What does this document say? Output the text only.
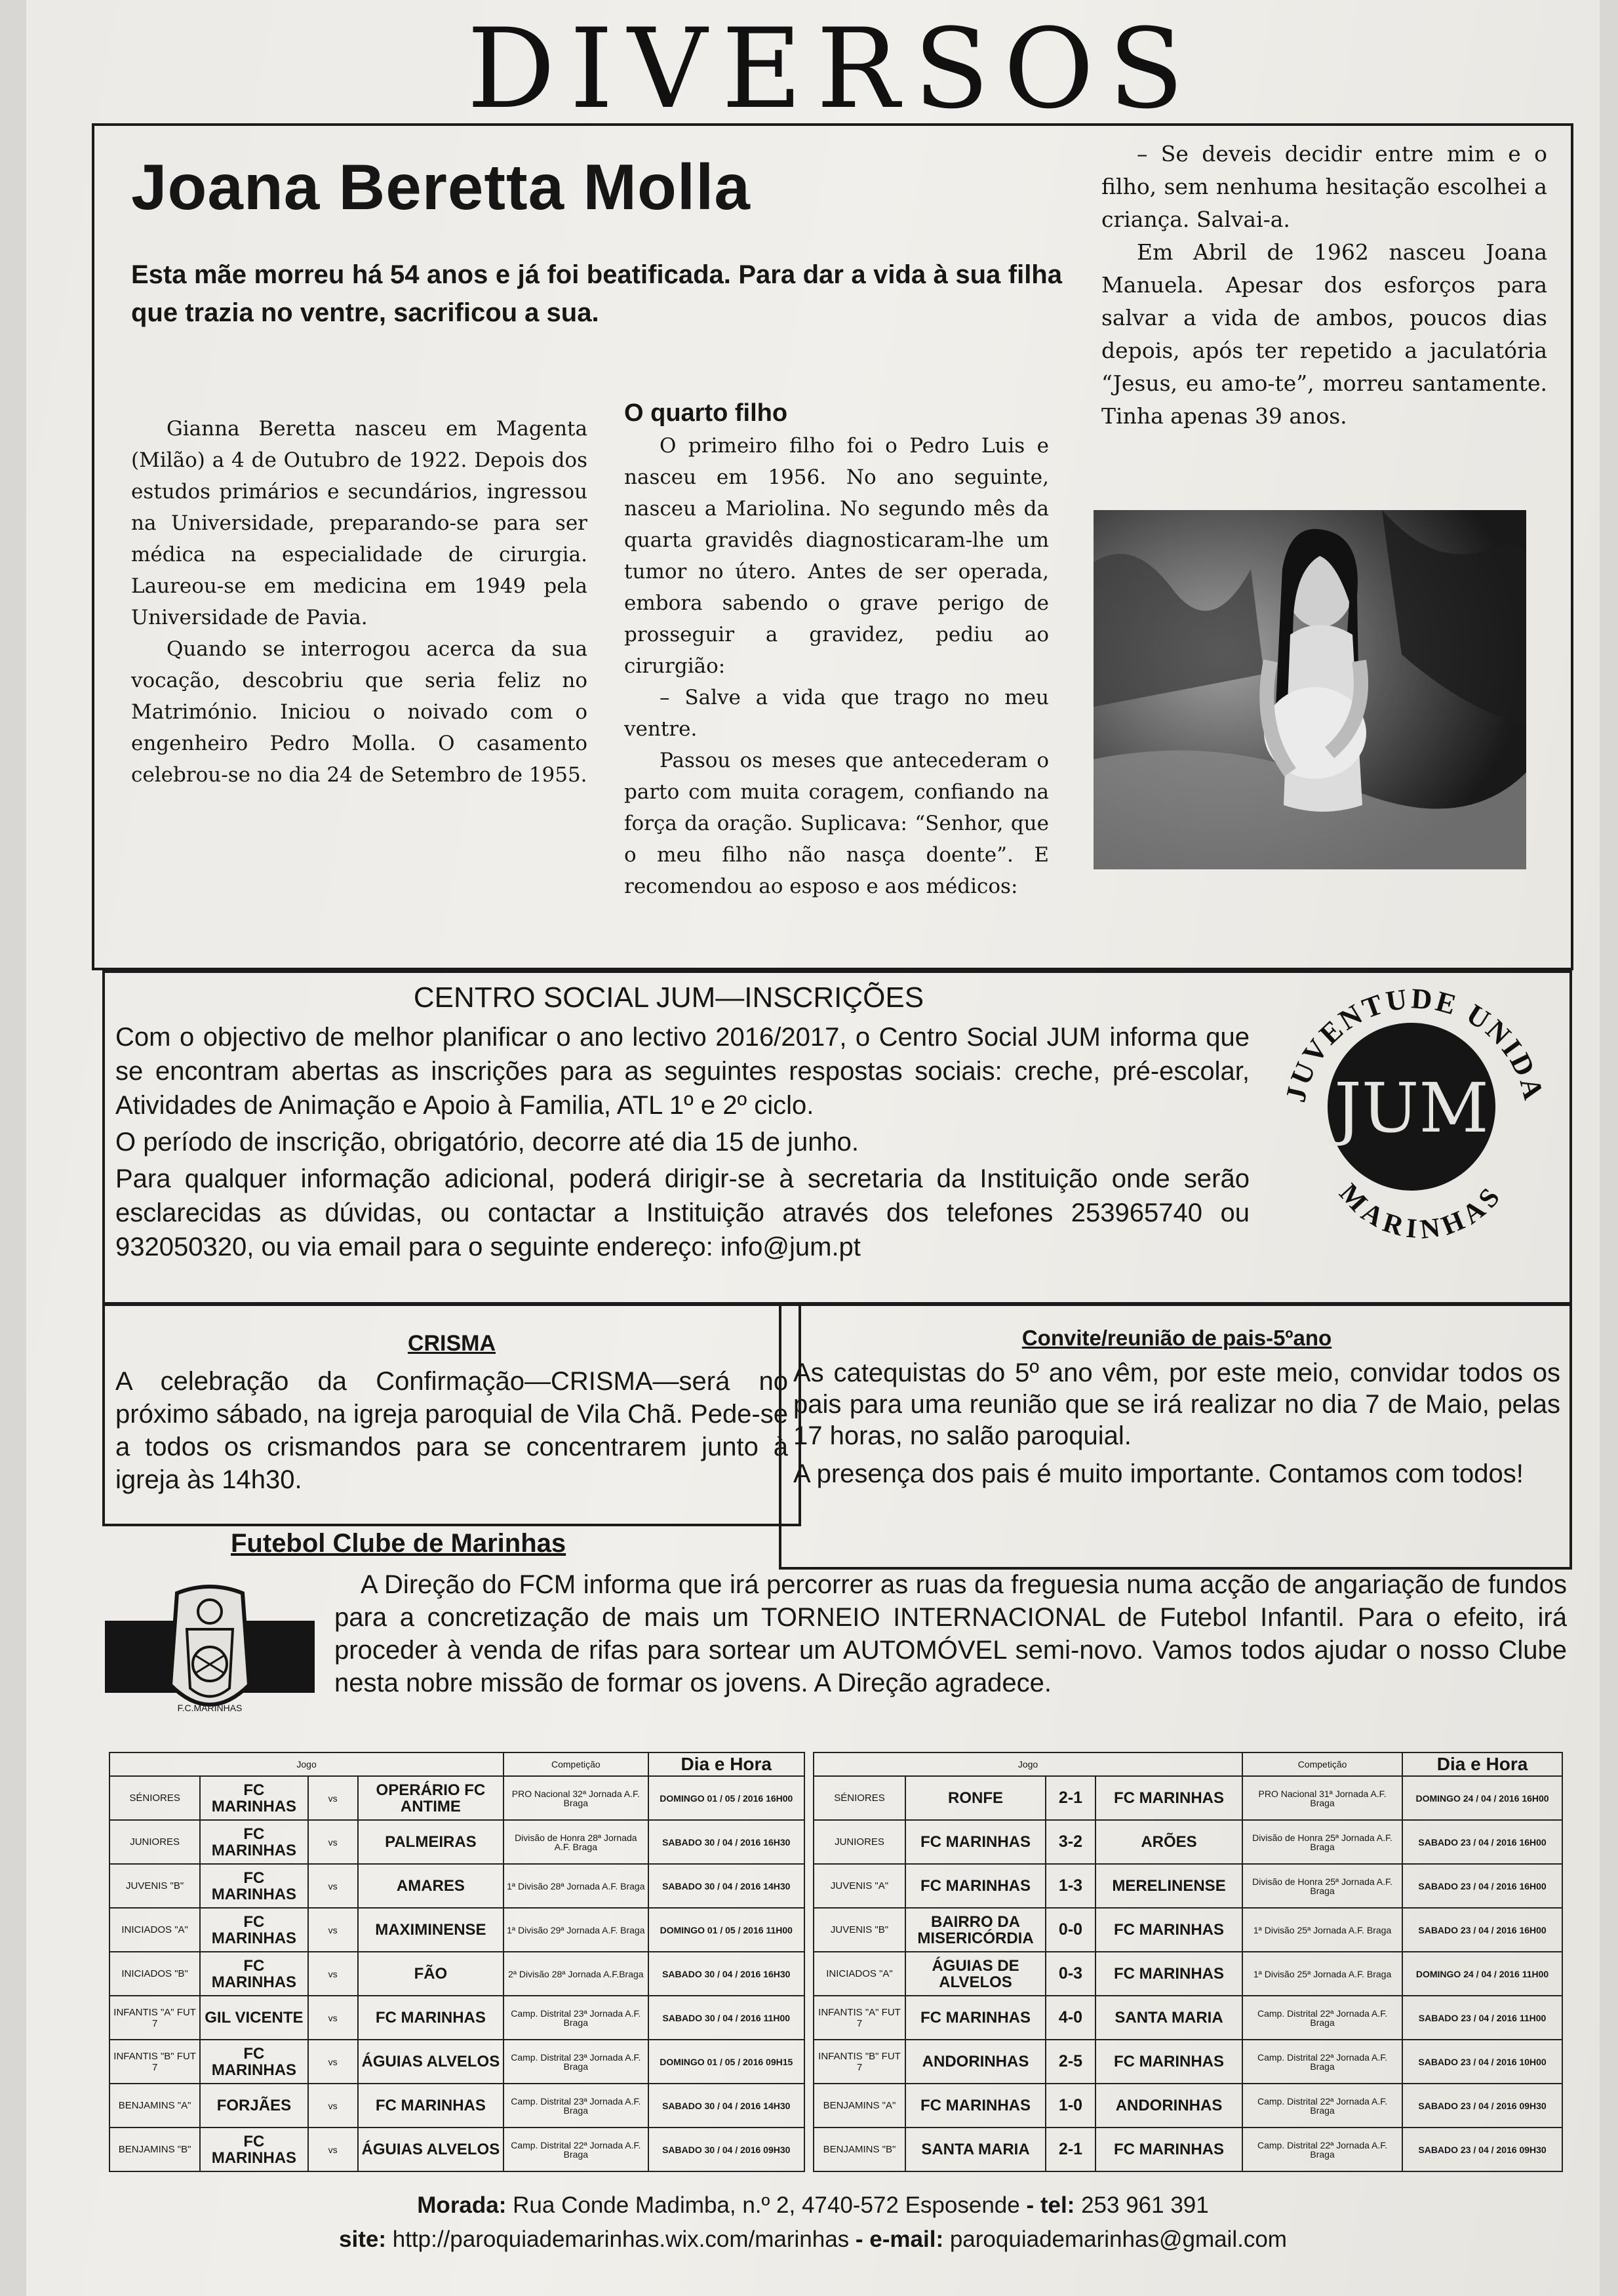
DIVERSOS
Joana Beretta Molla
Esta mãe morreu há 54 anos e já foi beatificada. Para dar a vida à sua filha que trazia no ventre, sacrificou a sua.

Gianna Beretta nasceu em Magenta (Milão) a 4 de Outubro de 1922. Depois dos estudos primários e secundários, ingressou na Universidade, preparando-se para ser médica na especialidade de cirurgia. Laureou-se em medicina em 1949 pela Universidade de Pavia.

Quando se interrogou acerca da sua vocação, descobriu que seria feliz no Matrimónio. Iniciou o noivado com o engenheiro Pedro Molla. O casamento celebrou-se no dia 24 de Setembro de 1955.

O quarto filho

O primeiro filho foi o Pedro Luis e nasceu em 1956. No ano seguinte, nasceu a Mariolina. No segundo mês da quarta gravidês diagnosticaram-lhe um tumor no útero. Antes de ser operada, embora sabendo o grave perigo de prosseguir a gravidez, pediu ao cirurgião:

– Salve a vida que trago no meu ventre.

Passou os meses que antecederam o parto com muita coragem, confiando na força da oração. Suplicava: “Senhor, que o meu filho não nasça doente”. E recomendou ao esposo e aos médicos:

– Se deveis decidir entre mim e o filho, sem nenhuma hesitação escolhei a criança. Salvai-a.

Em Abril de 1962 nasceu Joana Manuela. Apesar dos esforços para salvar a vida de ambos, poucos dias depois, após ter repetido a jaculatória “Jesus, eu amo-te”, morreu santamente. Tinha apenas 39 anos.

CENTRO SOCIAL JUM—INSCRIÇÕES
Com o objectivo de melhor planificar o ano lectivo 2016/2017, o Centro Social JUM informa que se encontram abertas as inscrições para as seguintes respostas sociais: creche, pré-escolar, Atividades de Animação e Apoio à Familia, ATL 1º e 2º ciclo.
O período de inscrição, obrigatório, decorre até dia 15 de junho.
Para qualquer informação adicional, poderá dirigir-se à secretaria da Instituição onde serão esclarecidas as dúvidas, ou contactar a Instituição através dos telefones 253965740 ou 932050320, ou via email para o seguinte endereço: info@jum.pt
JUM
JUVENTUDE UNIDA
MARINHAS
CRISMA
A celebração da Confirmação—CRISMA—será no próximo sábado, na igreja paroquial de Vila Chã. Pede-se a todos os crismandos para se concentrarem junto à igreja às 14h30.
Convite/reunião de pais-5ºano
As catequistas do 5º ano vêm, por este meio, convidar todos os pais para uma reunião que se irá realizar no dia 7 de Maio, pelas 17 horas, no salão paroquial.
A presença dos pais é muito importante. Contamos com todos!
Futebol Clube de Marinhas
F.C.MARINHAS
A Direção do FCM informa que irá percorrer as ruas da freguesia numa acção de angariação de fundos para a concretização de mais um TORNEIO INTERNACIONAL de Futebol Infantil. Para o efeito, irá proceder à venda de rifas para sortear um AUTOMÓVEL semi-novo. Vamos todos ajudar o nosso Clube nesta nobre missão de formar os jovens. A Direção agradece.
Jogo				Competição	Dia e Hora
SÉNIORES	FC MARINHAS	vs	OPERÁRIO FC ANTIME	PRO Nacional 32ª Jornada A.F. Braga	DOMINGO 01 / 05 / 2016 16H00
JUNIORES	FC MARINHAS	vs	PALMEIRAS	Divisão de Honra 28ª Jornada A.F. Braga	SABADO 30 / 04 / 2016 16H30
JUVENIS "B"	FC MARINHAS	vs	AMARES	1ª Divisão 28ª Jornada A.F. Braga	SABADO 30 / 04 / 2016 14H30
INICIADOS "A"	FC MARINHAS	vs	MAXIMINENSE	1ª Divisão 29ª Jornada A.F. Braga	DOMINGO 01 / 05 / 2016 11H00
INICIADOS "B"	FC MARINHAS	vs	FÃO	2ª Divisão 28ª Jornada A.F.Braga	SABADO 30 / 04 / 2016 16H30
INFANTIS "A" FUT 7	GIL VICENTE	vs	FC MARINHAS	Camp. Distrital 23ª Jornada A.F. Braga	SABADO 30 / 04 / 2016 11H00
INFANTIS "B" FUT 7	FC MARINHAS	vs	ÁGUIAS ALVELOS	Camp. Distrital 23ª Jornada A.F. Braga	DOMINGO 01 / 05 / 2016 09H15
BENJAMINS "A"	FORJÃES	vs	FC MARINHAS	Camp. Distrital 23ª Jornada A.F. Braga	SABADO 30 / 04 / 2016 14H30
BENJAMINS "B"	FC MARINHAS	vs	ÁGUIAS ALVELOS	Camp. Distrital 22ª Jornada A.F. Braga	SABADO 30 / 04 / 2016 09H30
Jogo				Competição	Dia e Hora
SÉNIORES	RONFE	2-1	FC MARINHAS	PRO Nacional 31ª Jornada A.F. Braga	DOMINGO 24 / 04 / 2016 16H00
JUNIORES	FC MARINHAS	3-2	ARÕES	Divisão de Honra 25ª Jornada A.F. Braga	SABADO 23 / 04 / 2016 16H00
JUVENIS "A"	FC MARINHAS	1-3	MERELINENSE	Divisão de Honra 25ª Jornada A.F. Braga	SABADO 23 / 04 / 2016 16H00
JUVENIS "B"	BAIRRO DA MISERICÓRDIA	0-0	FC MARINHAS	1ª Divisão 25ª Jornada A.F. Braga	SABADO 23 / 04 / 2016 16H00
INICIADOS "A"	ÁGUIAS DE ALVELOS	0-3	FC MARINHAS	1ª Divisão 25ª Jornada A.F. Braga	DOMINGO 24 / 04 / 2016 11H00
INFANTIS "A" FUT 7	FC MARINHAS	4-0	SANTA MARIA	Camp. Distrital 22ª Jornada A.F. Braga	SABADO 23 / 04 / 2016 11H00
INFANTIS "B" FUT 7	ANDORINHAS	2-5	FC MARINHAS	Camp. Distrital 22ª Jornada A.F. Braga	SABADO 23 / 04 / 2016 10H00
BENJAMINS "A"	FC MARINHAS	1-0	ANDORINHAS	Camp. Distrital 22ª Jornada A.F. Braga	SABADO 23 / 04 / 2016 09H30
BENJAMINS "B"	SANTA MARIA	2-1	FC MARINHAS	Camp. Distrital 22ª Jornada A.F. Braga	SABADO 23 / 04 / 2016 09H30
Morada: Rua Conde Madimba, n.º 2, 4740-572 Esposende - tel: 253 961 391
site: http://paroquiademarinhas.wix.com/marinhas - e-mail: paroquiademarinhas@gmail.com
